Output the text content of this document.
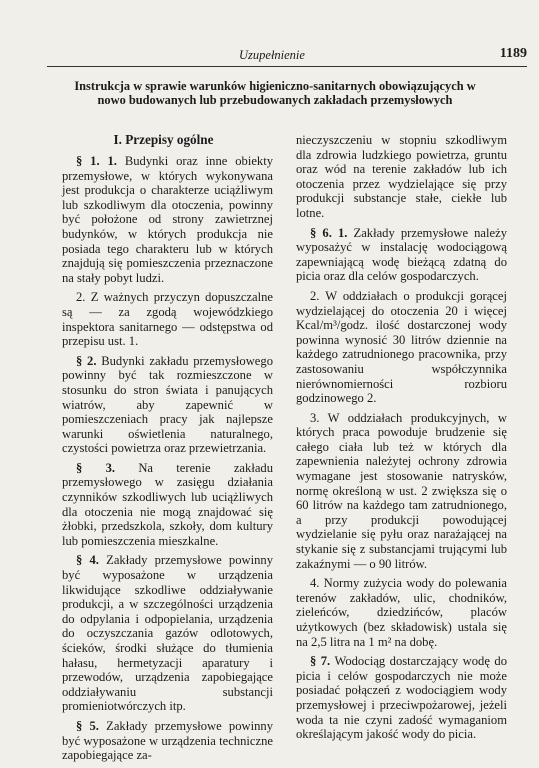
Uzupełnienie	1189
Instrukcja w sprawie warunków higieniczno-sanitarnych obowiązujących w nowo budowanych lub przebudowanych zakładach przemysłowych
I. Przepisy ogólne

§ 1. 1. Budynki oraz inne obiekty przemysłowe, w których wykonywana jest produkcja o charakterze uciążliwym lub szkodliwym dla otoczenia, powinny być położone od strony zawietrznej budynków, w których produkcja nie posiada tego charakteru lub w których znajdują się pomieszczenia przeznaczone na stały pobyt ludzi.

2. Z ważnych przyczyn dopuszczalne są — za zgodą wojewódzkiego inspektora sanitarnego — odstępstwa od przepisu ust. 1.

§ 2. Budynki zakładu przemysłowego powinny być tak rozmieszczone w stosunku do stron świata i panujących wiatrów, aby zapewnić w pomieszczeniach pracy jak najlepsze warunki oświetlenia naturalnego, czystości powietrza oraz przewietrzania.

§ 3. Na terenie zakładu przemysłowego w zasięgu działania czynników szkodliwych lub uciążliwych dla otoczenia nie mogą znajdować się żłobki, przedszkola, szkoły, dom kultury lub pomieszczenia mieszkalne.

§ 4. Zakłady przemysłowe powinny być wyposażone w urządzenia likwidujące szkodliwe oddziaływanie produkcji, a w szczególności urządzenia do odpylania i odpopielania, urządzenia do oczyszczania gazów odlotowych, ścieków, środki służące do tłumienia hałasu, hermetyzacji aparatury i przewodów, urządzenia zapobiegające oddziaływaniu substancji promieniotwórczych itp.

§ 5. Zakłady przemysłowe powinny być wyposażone w urządzenia techniczne zapobiegające za-

nieczyszczeniu w stopniu szkodliwym dla zdrowia ludzkiego powietrza, gruntu oraz wód na terenie zakładów lub ich otoczenia przez wydzielające się przy produkcji substancje stałe, ciekłe lub lotne.

§ 6. 1. Zakłady przemysłowe należy wyposażyć w instalację wodociągową zapewniającą wodę bieżącą zdatną do picia oraz dla celów gospodarczych.

2. W oddziałach o produkcji gorącej wydzielającej do otoczenia 20 i więcej Kcal/m³/godz. ilość dostarczonej wody powinna wynosić 30 litrów dziennie na każdego zatrudnionego pracownika, przy zastosowaniu współczynnika nierównomierności rozbioru godzinowego 2.

3. W oddziałach produkcyjnych, w których praca powoduje brudzenie się całego ciała lub też w których dla zapewnienia należytej ochrony zdrowia wymagane jest stosowanie natrysków, normę określoną w ust. 2 zwiększa się o 60 litrów na każdego tam zatrudnionego, a przy produkcji powodującej wydzielanie się pyłu oraz narażającej na stykanie się z substancjami trującymi lub zakaźnymi — o 90 litrów.

4. Normy zużycia wody do polewania terenów zakładów, ulic, chodników, zieleńców, dziedzińców, placów użytkowych (bez składowisk) ustala się na 2,5 litra na 1 m² na dobę.

§ 7. Wodociąg dostarczający wodę do picia i celów gospodarczych nie może posiadać połączeń z wodociągiem wody przemysłowej i przeciwpożarowej, jeżeli woda ta nie czyni zadość wymaganiom określającym jakość wody do picia.
